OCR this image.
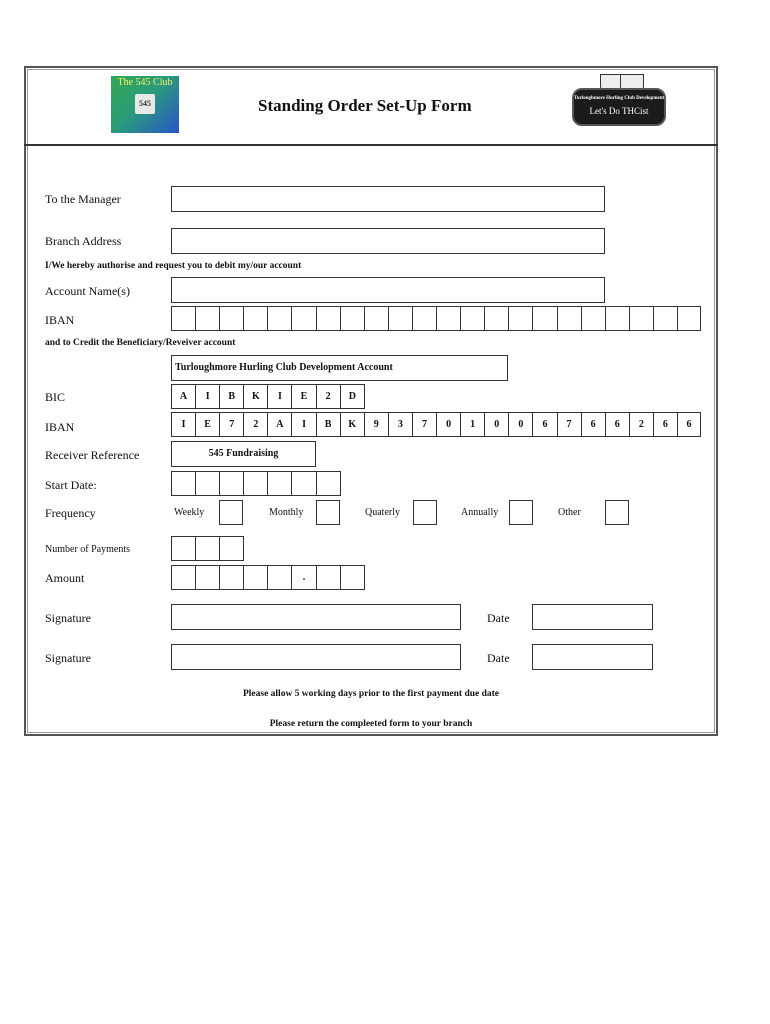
The 545 Club
545	Standing Order Set-Up Form	Turloughmore Hurling Club Development
Let's Do THCist
To the Manager
Branch Address
I/We hereby authorise and request you to debit my/our account
Account Name(s)
IBAN
and to Credit the Beneficiary/Reveiver account
Turloughmore Hurling Club Development Account
BIC	A	I	B	K	I	E	2	D
IBAN	I	E	7	2	A	I	B	K	9	3	7	0	1	0	0	6	7	6	6	2	6	6
Receiver Reference	545 Fundraising
Start Date:
Frequency	Weekly	Monthly	Quaterly	Annually	Other
Number of Payments
Amount	.
Signature	Date
Signature	Date
Please allow 5 working days prior to the first payment due date
Please return the compleeted form to your branch
